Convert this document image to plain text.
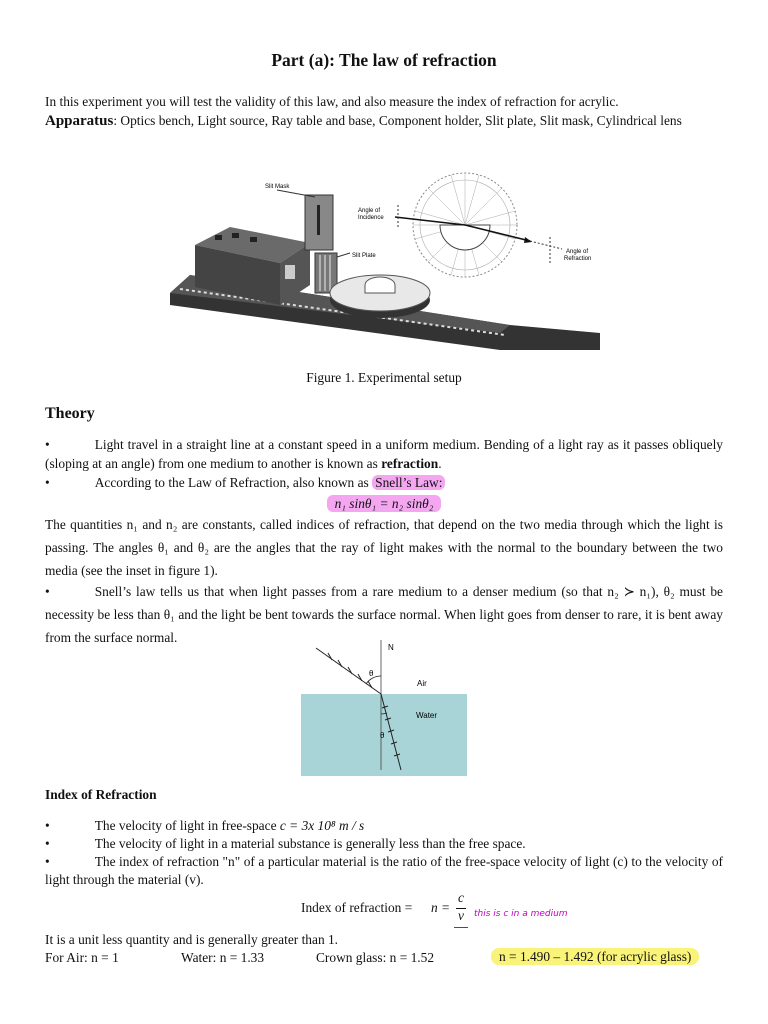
Part (a): The law of refraction
In this experiment you will test the validity of this law, and also measure the index of refraction for acrylic.
Apparatus: Optics bench, Light source, Ray table and base, Component holder, Slit plate, Slit mask, Cylindrical lens
Slit Mask
Slit Plate
Angle of
Incidence
Angle of
Refraction
Figure 1. Experimental setup
Theory
•	Light travel in a straight line at a constant speed in a uniform medium. Bending of a light ray as it passes obliquely (sloping at an angle) from one medium to another is known as refraction.
•	According to the Law of Refraction, also known as Snell’s Law:
n₁ sinθ₁ = n₂ sinθ₂
The quantities n₁ and n₂ are constants, called indices of refraction, that depend on the two media through which the light is passing. The angles θ₁ and θ₂ are the angles that the ray of light makes with the normal to the boundary between the two media (see the inset in figure 1).
•	Snell’s law tells us that when light passes from a rare medium to a denser medium (so that n₂ ≻ n₁), θ₂ must be necessity be less than θ₁ and the light be bent towards the surface normal. When light goes from denser to rare, it is bent away from the surface normal.
N
Air
Water
θ
θ
Index of Refraction
•	The velocity of light in free-space c = 3x 10⁸ m / s
•	The velocity of light in a material substance is generally less than the free space.
•	The index of refraction "n" of a particular material is the ratio of the free-space velocity of light (c) to the velocity of light through the material (v).
Index of refraction = n =
c
v this is c in a medium
It is a unit less quantity and is generally greater than 1.
For Air: n = 1	Water: n = 1.33	Crown glass: n = 1.52	n = 1.490 – 1.492 (for acrylic glass)
